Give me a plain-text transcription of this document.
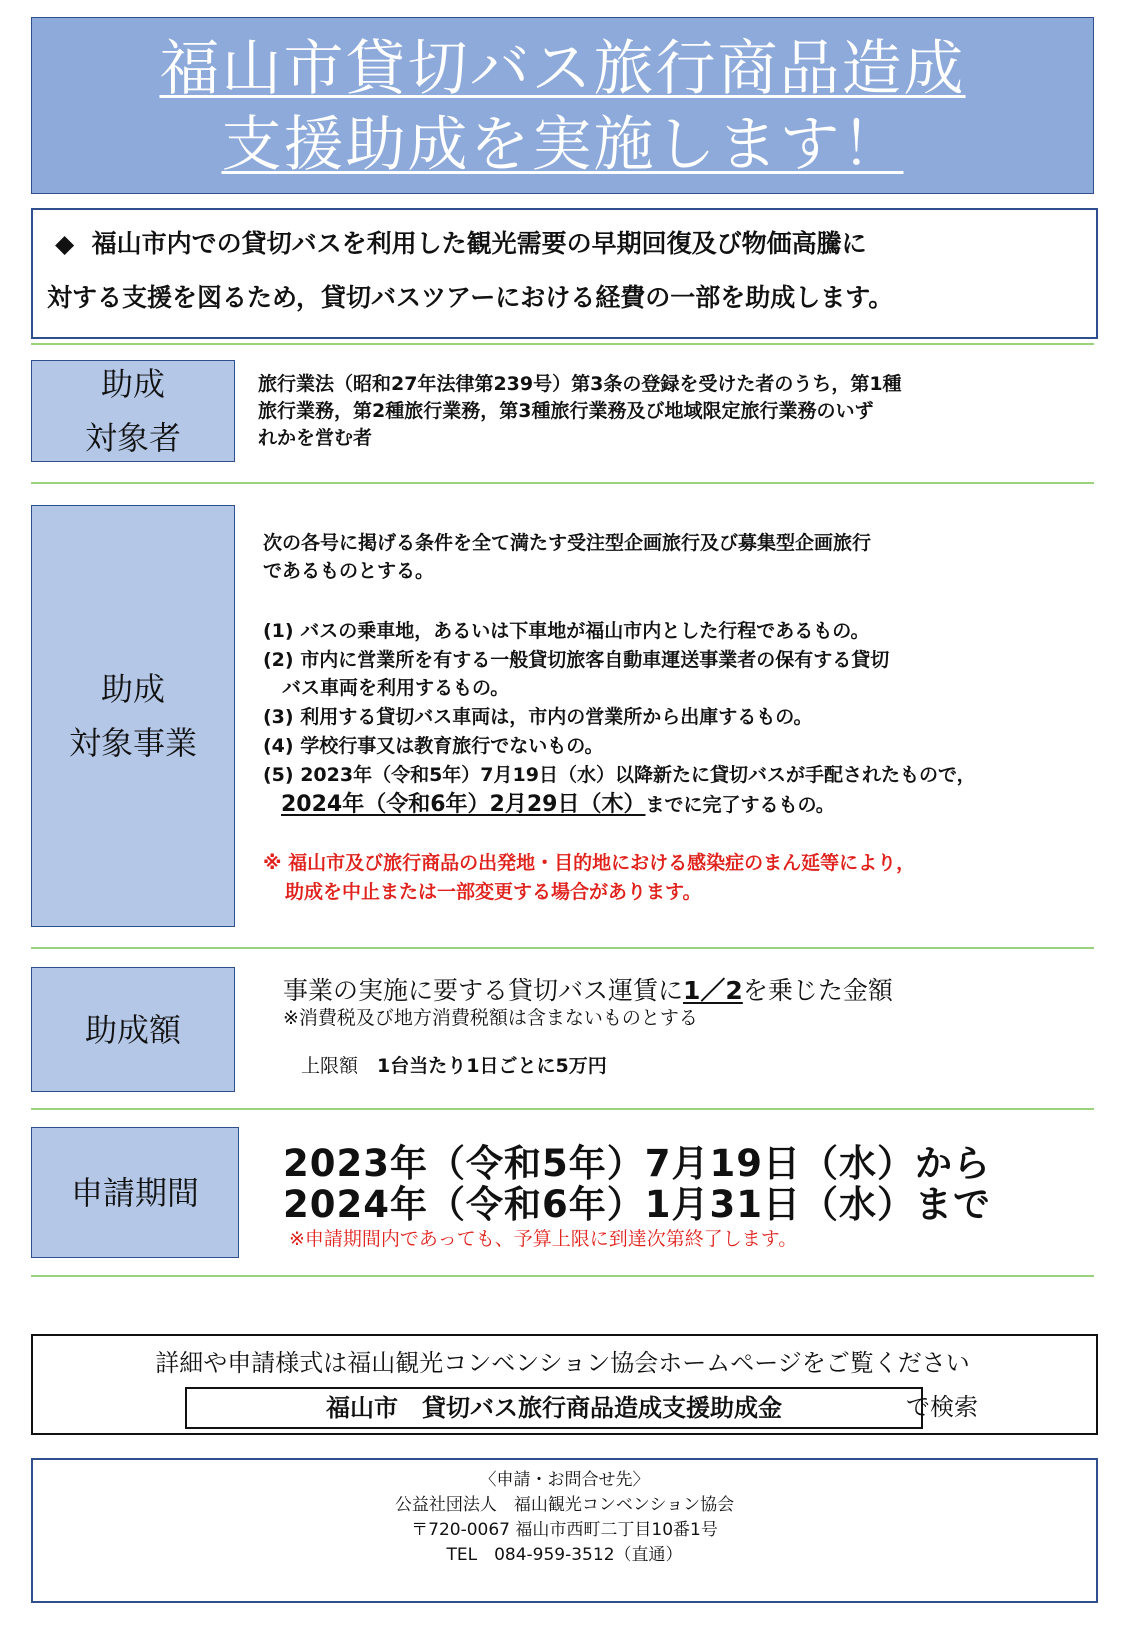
福山市貸切バス旅行商品造成
支援助成を実施します！
◆ 福山市内での貸切バスを利用した観光需要の早期回復及び物価高騰に
対する支援を図るため，貸切バスツアーにおける経費の一部を助成します。
助成
対象者
旅行業法（昭和27年法律第239号）第3条の登録を受けた者のうち，第1種
旅行業務，第2種旅行業務，第3種旅行業務及び地域限定旅行業務のいず
れかを営む者
助成
対象事業
次の各号に掲げる条件を全て満たす受注型企画旅行及び募集型企画旅行
であるものとする。
(1) バスの乗車地，あるいは下車地が福山市内とした行程であるもの。
(2) 市内に営業所を有する一般貸切旅客自動車運送事業者の保有する貸切
　バス車両を利用するもの。
(3) 利用する貸切バス車両は，市内の営業所から出庫するもの。
(4) 学校行事又は教育旅行でないもの。
(5) 2023年（令和5年）7月19日（水）以降新たに貸切バスが手配されたもので，
2024年（令和6年）2月29日（木）までに完了するもの。
※ 福山市及び旅行商品の出発地・目的地における感染症のまん延等により，
助成を中止または一部変更する場合があります。
助成額
事業の実施に要する貸切バス運賃に1／2を乗じた金額
※消費税及び地方消費税額は含まないものとする
上限額　 1台当たり1日ごとに5万円
申請期間
2023年（令和5年）7月19日（水）から
2024年（令和6年）1月31日（水）まで
※申請期間内であっても、予算上限に到達次第終了します。
詳細や申請様式は福山観光コンベンション協会ホームページをご覧ください
福山市　貸切バス旅行商品造成支援助成金	で検索
〈申請・お問合せ先〉
公益社団法人　福山観光コンベンション協会
〒720-0067 福山市西町二丁目10番1号
TEL　084-959-3512（直通）
